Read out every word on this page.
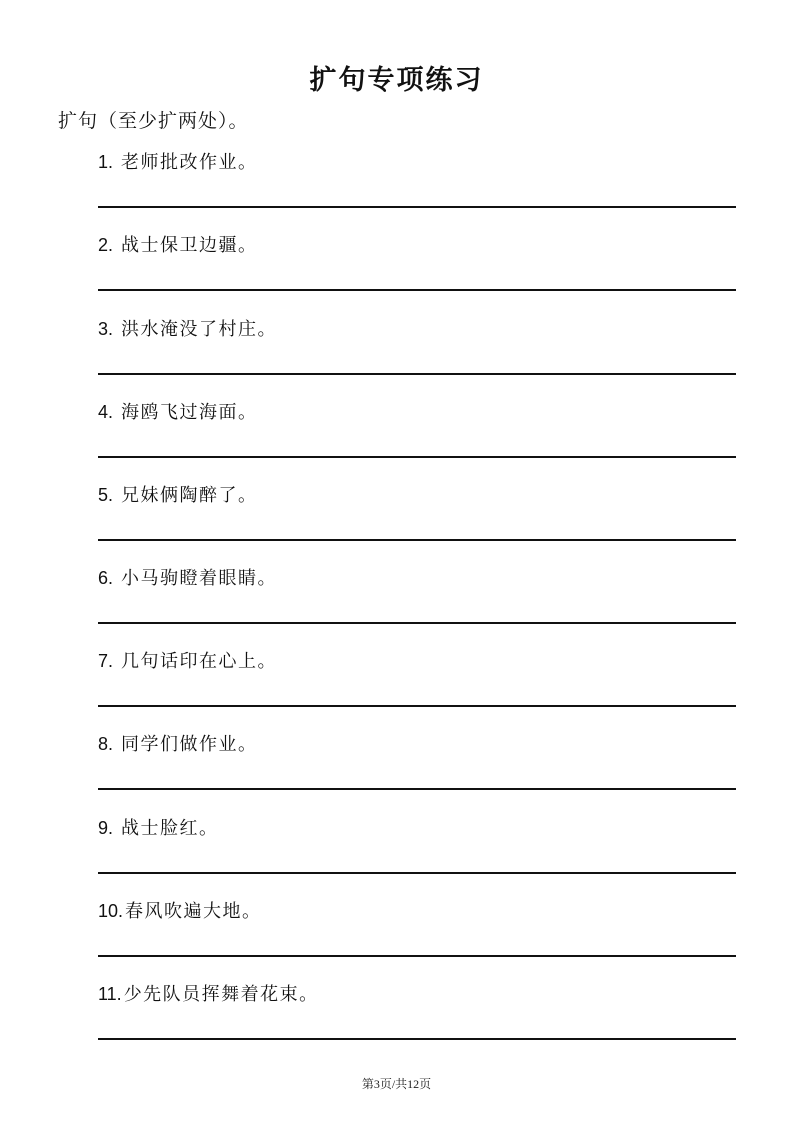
扩句专项练习
扩句（至少扩两处）。
1. 老师批改作业。
2. 战士保卫边疆。
3. 洪水淹没了村庄。
4. 海鸥飞过海面。
5. 兄妹俩陶醉了。
6. 小马驹瞪着眼睛。
7. 几句话印在心上。
8. 同学们做作业。
9. 战士脸红。
10. 春风吹遍大地。
11. 少先队员挥舞着花束。
第3页/共12页
